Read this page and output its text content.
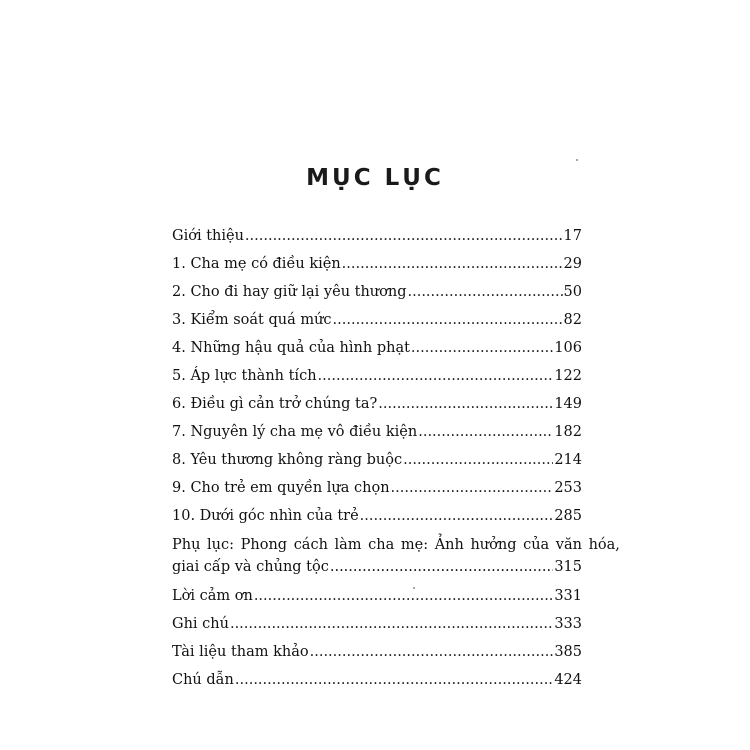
MỤC LỤC
Giới thiệu .....	17
1. Cha mẹ có điều kiện .....	29
2. Cho đi hay giữ lại yêu thương .....	50
3. Kiểm soát quá mức .....	82
4. Những hậu quả của hình phạt .....	106
5. Áp lực thành tích .....	122
6. Điều gì cản trở chúng ta? .....	149
7. Nguyên lý cha mẹ vô điều kiện .....	182
8. Yêu thương không ràng buộc .....	214
9. Cho trẻ em quyền lựa chọn .....	253
10. Dưới góc nhìn của trẻ .....	285
Phụ lục: Phong cách làm cha mẹ: Ảnh hưởng của văn hóa,
giai cấp và chủng tộc .....	315
Lời cảm ơn .....	331
Ghi chú .....	333
Tài liệu tham khảo .....	385
Chú dẫn .....	424
